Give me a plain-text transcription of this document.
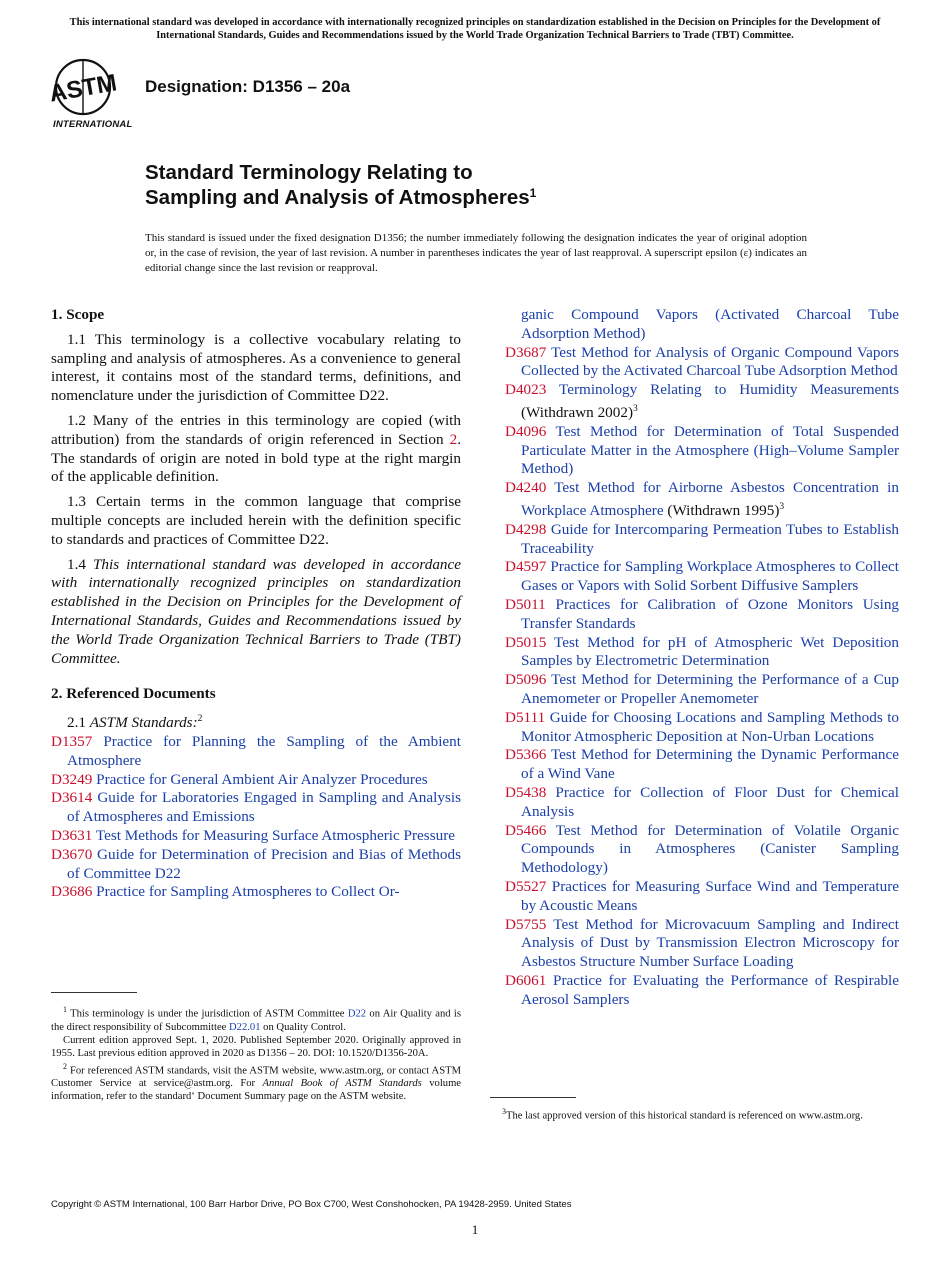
This international standard was developed in accordance with internationally recognized principles on standardization established in the Decision on Principles for the Development of International Standards, Guides and Recommendations issued by the World Trade Organization Technical Barriers to Trade (TBT) Committee.
ASTM
INTERNATIONAL
Designation: D1356 – 20a
Standard Terminology Relating to
Sampling and Analysis of Atmospheres$^1$
This standard is issued under the fixed designation D1356; the number immediately following the designation indicates the year of original adoption or, in the case of revision, the year of last revision. A number in parentheses indicates the year of last reapproval. A superscript epsilon (ε) indicates an editorial change since the last revision or reapproval.
1. Scope
1.1 This terminology is a collective vocabulary relating to sampling and analysis of atmospheres. As a convenience to general interest, it contains most of the standard terms, definitions, and nomenclature under the jurisdiction of Committee D22.
1.2 Many of the entries in this terminology are copied (with attribution) from the standards of origin referenced in Section 2. The standards of origin are noted in bold type at the right margin of the applicable definition.
1.3 Certain terms in the common language that comprise multiple concepts are included herein with the definition specific to standards and practices of Committee D22.
1.4 This international standard was developed in accordance with internationally recognized principles on standardization established in the Decision on Principles for the Development of International Standards, Guides and Recommendations issued by the World Trade Organization Technical Barriers to Trade (TBT) Committee.
2. Referenced Documents
2.1 ASTM Standards:$^2$
D1357 Practice for Planning the Sampling of the Ambient Atmosphere
D3249 Practice for General Ambient Air Analyzer Procedures
D3614 Guide for Laboratories Engaged in Sampling and Analysis of Atmospheres and Emissions
D3631 Test Methods for Measuring Surface Atmospheric Pressure
D3670 Guide for Determination of Precision and Bias of Methods of Committee D22
D3686 Practice for Sampling Atmospheres to Collect Or-
ganic Compound Vapors (Activated Charcoal Tube Adsorption Method)
D3687 Test Method for Analysis of Organic Compound Vapors Collected by the Activated Charcoal Tube Adsorption Method
D4023 Terminology Relating to Humidity Measurements (Withdrawn 2002)$^3$
D4096 Test Method for Determination of Total Suspended Particulate Matter in the Atmosphere (High–Volume Sampler Method)
D4240 Test Method for Airborne Asbestos Concentration in Workplace Atmosphere (Withdrawn 1995)$^3$
D4298 Guide for Intercomparing Permeation Tubes to Establish Traceability
D4597 Practice for Sampling Workplace Atmospheres to Collect Gases or Vapors with Solid Sorbent Diffusive Samplers
D5011 Practices for Calibration of Ozone Monitors Using Transfer Standards
D5015 Test Method for pH of Atmospheric Wet Deposition Samples by Electrometric Determination
D5096 Test Method for Determining the Performance of a Cup Anemometer or Propeller Anemometer
D5111 Guide for Choosing Locations and Sampling Methods to Monitor Atmospheric Deposition at Non-Urban Locations
D5366 Test Method for Determining the Dynamic Performance of a Wind Vane
D5438 Practice for Collection of Floor Dust for Chemical Analysis
D5466 Test Method for Determination of Volatile Organic Compounds in Atmospheres (Canister Sampling Methodology)
D5527 Practices for Measuring Surface Wind and Temperature by Acoustic Means
D5755 Test Method for Microvacuum Sampling and Indirect Analysis of Dust by Transmission Electron Microscopy for Asbestos Structure Number Surface Loading
D6061 Practice for Evaluating the Performance of Respirable Aerosol Samplers

$^1$ This terminology is under the jurisdiction of ASTM Committee D22 on Air Quality and is the direct responsibility of Subcommittee D22.01 on Quality Control.

Current edition approved Sept. 1, 2020. Published September 2020. Originally approved in 1955. Last previous edition approved in 2020 as D1356 – 20. DOI: 10.1520/D1356-20A.

$^2$ For referenced ASTM standards, visit the ASTM website, www.astm.org, or contact ASTM Customer Service at service@astm.org. For Annual Book of ASTM Standards volume information, refer to the standard‘ Document Summary page on the ASTM website.

$^3$The last approved version of this historical standard is referenced on www.astm.org.

Copyright © ASTM International, 100 Barr Harbor Drive, PO Box C700, West Conshohocken, PA 19428-2959. United States
1
